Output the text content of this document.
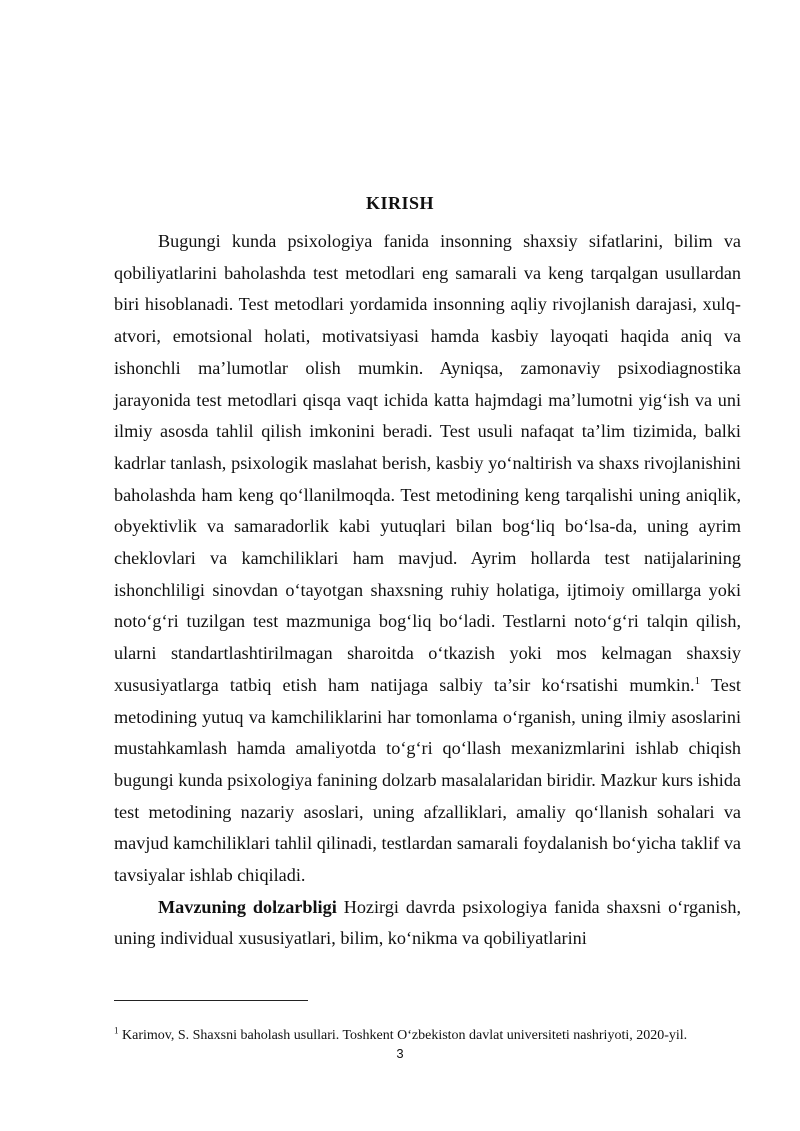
KIRISH

Bugungi kunda psixologiya fanida insonning shaxsiy sifatlarini, bilim va qobiliyatlarini baholashda test metodlari eng samarali va keng tarqalgan usullardan biri hisoblanadi. Test metodlari yordamida insonning aqliy rivojlanish darajasi, xulq-atvori, emotsional holati, motivatsiyasi hamda kasbiy layoqati haqida aniq va ishonchli ma’lumotlar olish mumkin. Ayniqsa, zamonaviy psixodiagnostika jarayonida test metodlari qisqa vaqt ichida katta hajmdagi ma’lumotni yig‘ish va uni ilmiy asosda tahlil qilish imkonini beradi. Test usuli nafaqat ta’lim tizimida, balki kadrlar tanlash, psixologik maslahat berish, kasbiy yo‘naltirish va shaxs rivojlanishini baholashda ham keng qo‘llanilmoqda. Test metodining keng tarqalishi uning aniqlik, obyektivlik va samaradorlik kabi yutuqlari bilan bog‘liq bo‘lsa-da, uning ayrim cheklovlari va kamchiliklari ham mavjud. Ayrim hollarda test natijalarining ishonchliligi sinovdan o‘tayotgan shaxsning ruhiy holatiga, ijtimoiy omillarga yoki noto‘g‘ri tuzilgan test mazmuniga bog‘liq bo‘ladi. Testlarni noto‘g‘ri talqin qilish, ularni standartlashtirilmagan sharoitda o‘tkazish yoki mos kelmagan shaxsiy xususiyatlarga tatbiq etish ham natijaga salbiy ta’sir ko‘rsatishi mumkin.$^1$ Test metodining yutuq va kamchiliklarini har tomonlama o‘rganish, uning ilmiy asoslarini mustahkamlash hamda amaliyotda to‘g‘ri qo‘llash mexanizmlarini ishlab chiqish bugungi kunda psixologiya fanining dolzarb masalalaridan biridir. Mazkur kurs ishida test metodining nazariy asoslari, uning afzalliklari, amaliy qo‘llanish sohalari va mavjud kamchiliklari tahlil qilinadi, testlardan samarali foydalanish bo‘yicha taklif va tavsiyalar ishlab chiqiladi.

Mavzuning dolzarbligi Hozirgi davrda psixologiya fanida shaxsni o‘rganish, uning individual xususiyatlari, bilim, ko‘nikma va qobiliyatlarini

$^1$ Karimov, S. Shaxsni baholash usullari. Toshkent O‘zbekiston davlat universiteti nashriyoti, 2020-yil.

3
